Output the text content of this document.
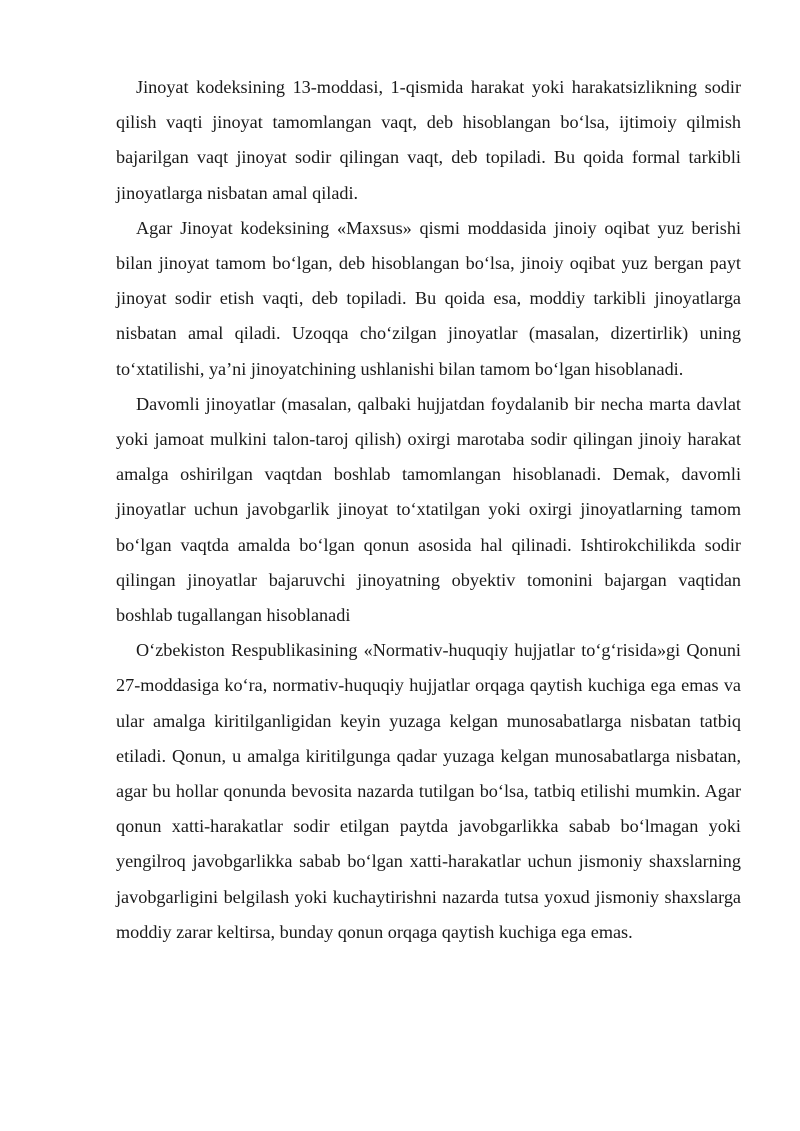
Jinoyat kodeksining 13-moddasi, 1-qismida harakat yoki harakatsizlikning sodir qilish vaqti jinoyat tamomlangan vaqt, deb hisoblangan bo‘lsa, ijtimoiy qilmish bajarilgan vaqt jinoyat sodir qilingan vaqt, deb topiladi. Bu qoida formal tarkibli jinoyatlarga nisbatan amal qiladi.

Agar Jinoyat kodeksining «Maxsus» qismi moddasida jinoiy oqibat yuz berishi bilan jinoyat tamom bo‘lgan, deb hisoblangan bo‘lsa, jinoiy oqibat yuz bergan payt jinoyat sodir etish vaqti, deb topiladi. Bu qoida esa, moddiy tarkibli jinoyatlarga nisbatan amal qiladi. Uzoqqa cho‘zilgan jinoyatlar (masalan, dizertirlik) uning to‘xtatilishi, ya’ni jinoyatchining ushlanishi bilan tamom bo‘lgan hisoblanadi.

Davomli jinoyatlar (masalan, qalbaki hujjatdan foydalanib bir necha marta davlat yoki jamoat mulkini talon-taroj qilish) oxirgi marotaba sodir qilingan jinoiy harakat amalga oshirilgan vaqtdan boshlab tamomlangan hisoblanadi. Demak, davomli jinoyatlar uchun javobgarlik jinoyat to‘xtatilgan yoki oxirgi jinoyatlarning tamom bo‘lgan vaqtda amalda bo‘lgan qonun asosida hal qilinadi. Ishtirokchilikda sodir qilingan jinoyatlar bajaruvchi jinoyatning obyektiv tomonini bajargan vaqtidan boshlab tugallangan hisoblanadi

O‘zbekiston Respublikasining «Normativ-huquqiy hujjatlar to‘g‘risida»gi Qonuni 27-moddasiga ko‘ra, normativ-huquqiy hujjatlar orqaga qaytish kuchiga ega emas va ular amalga kiritilganligidan keyin yuzaga kelgan munosabatlarga nisbatan tatbiq etiladi. Qonun, u amalga kiritilgunga qadar yuzaga kelgan munosabatlarga nisbatan, agar bu hollar qonunda bevosita nazarda tutilgan bo‘lsa, tatbiq etilishi mumkin. Agar qonun xatti-harakatlar sodir etilgan paytda javobgarlikka sabab bo‘lmagan yoki yengilroq javobgarlikka sabab bo‘lgan xatti-harakatlar uchun jismoniy shaxslarning javobgarligini belgilash yoki kuchaytirishni nazarda tutsa yoxud jismoniy shaxslarga moddiy zarar keltirsa, bunday qonun orqaga qaytish kuchiga ega emas.
